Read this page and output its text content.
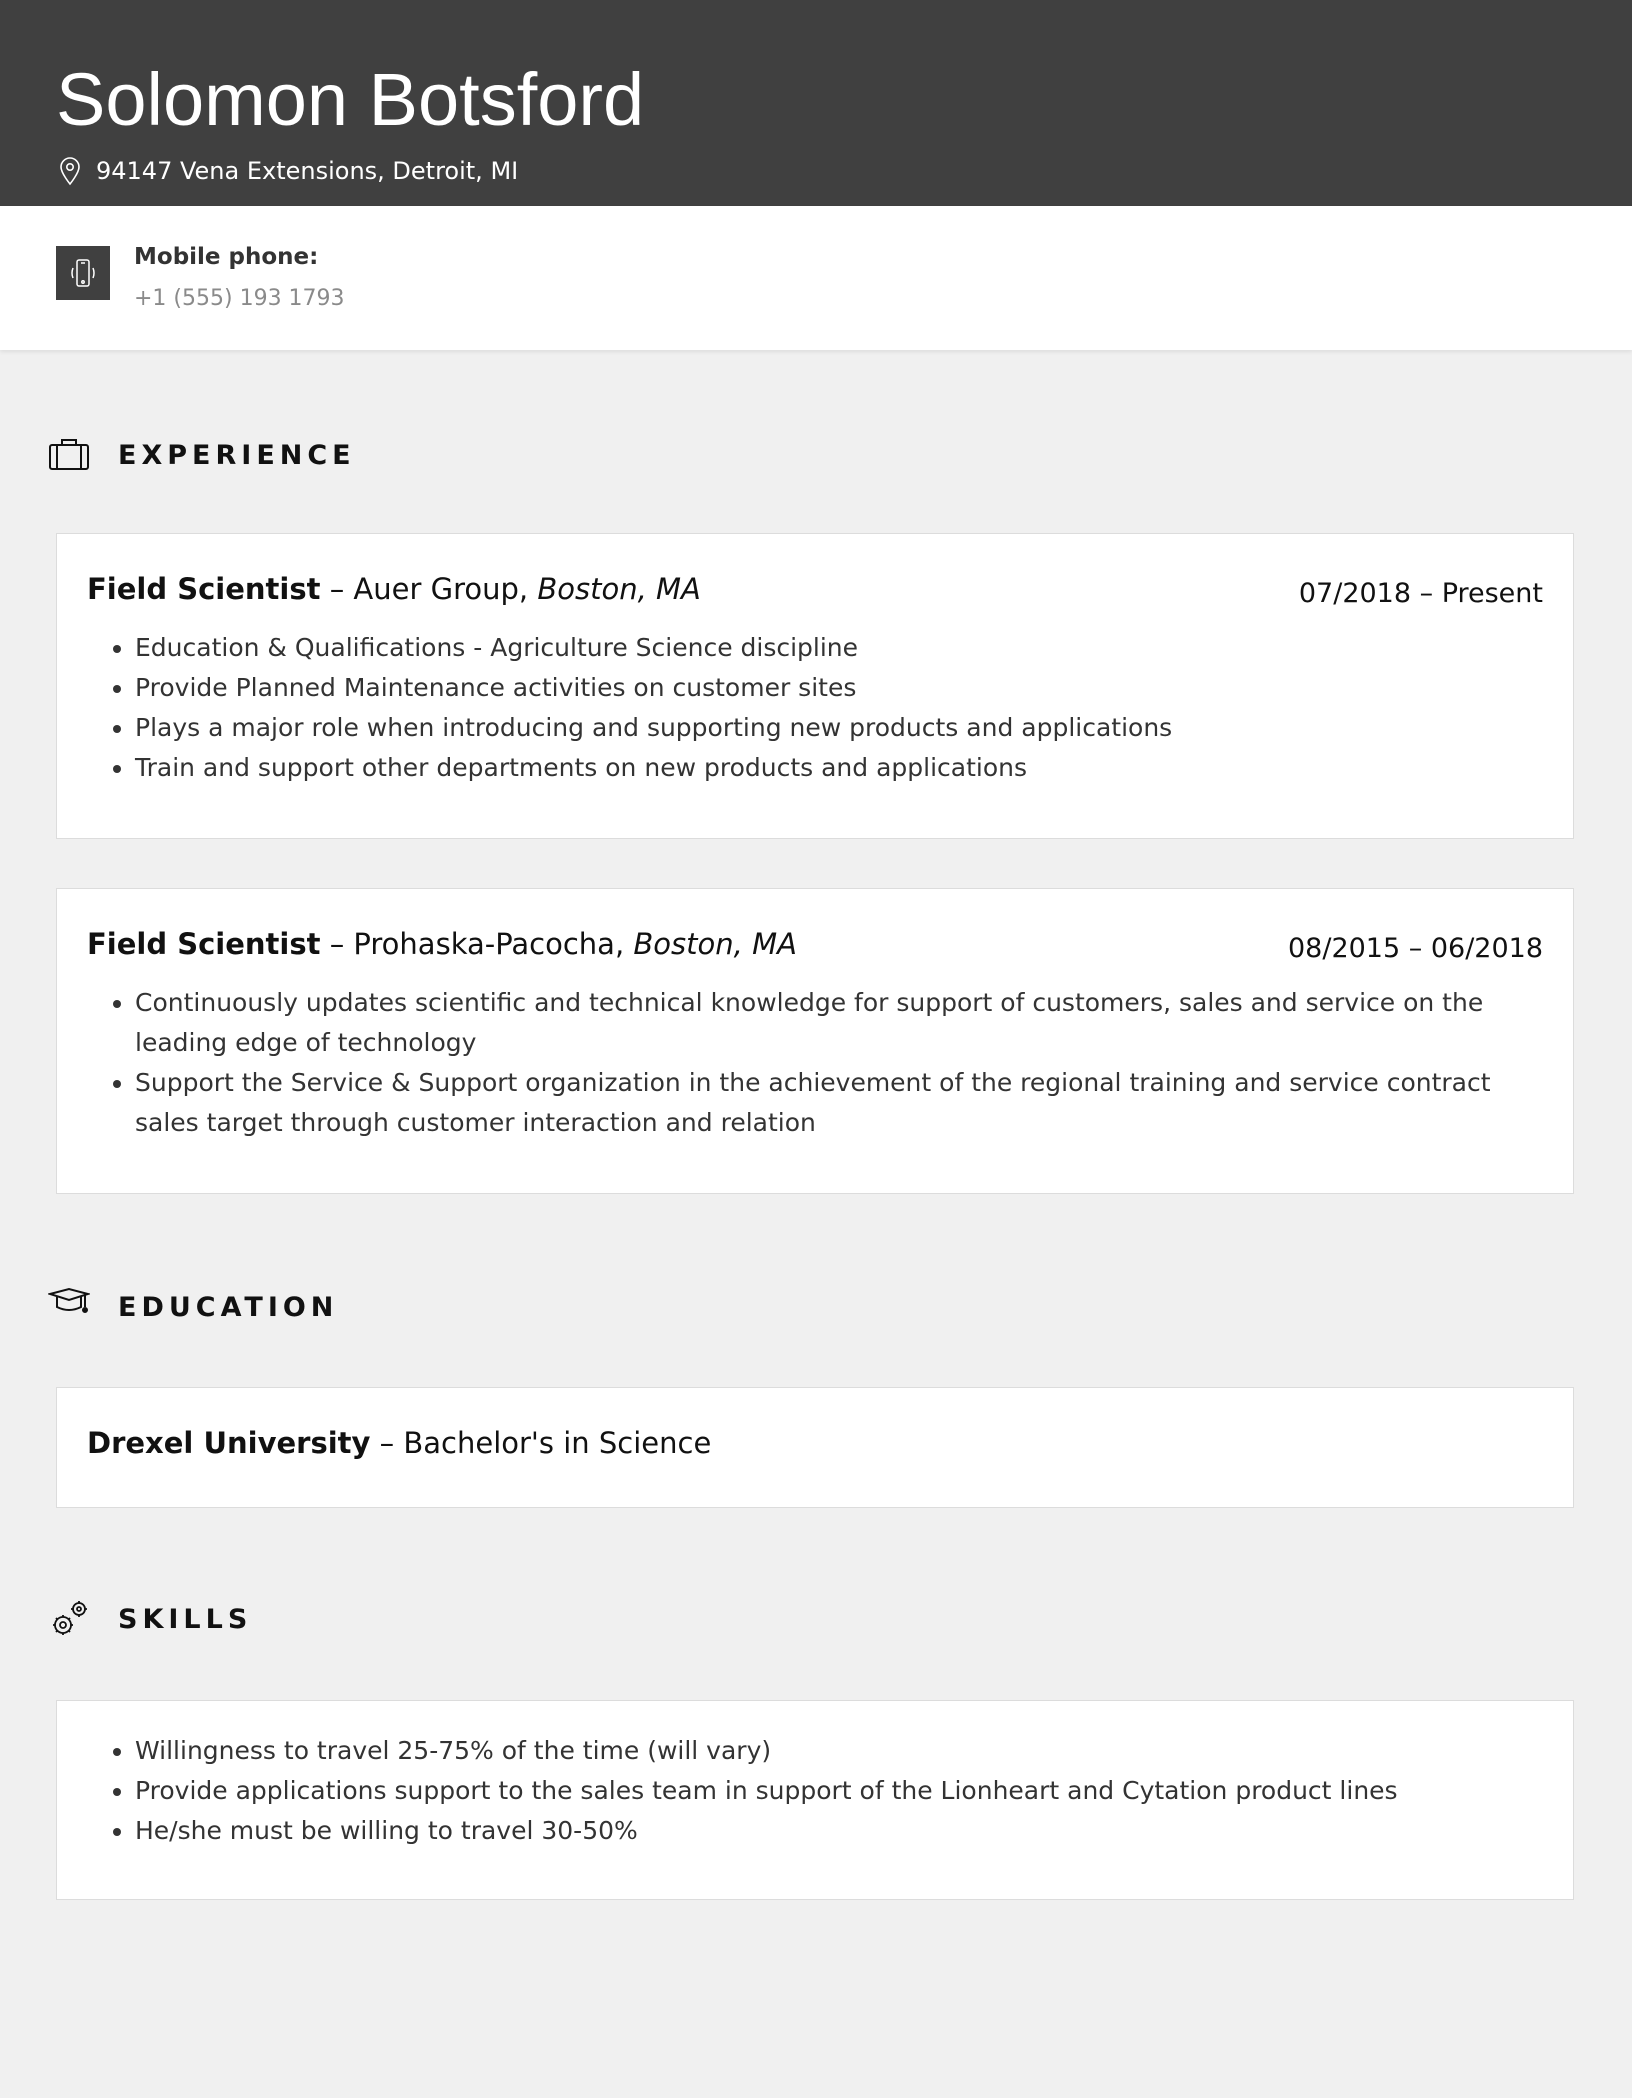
Solomon Botsford
94147 Vena Extensions, Detroit, MI
Mobile phone:
+1 (555) 193 1793
EXPERIENCE
Field Scientist – Auer Group, Boston, MA	07/2018 – Present
• Education & Qualifications - Agriculture Science discipline
• Provide Planned Maintenance activities on customer sites
• Plays a major role when introducing and supporting new products and applications
• Train and support other departments on new products and applications
Field Scientist – Prohaska-Pacocha, Boston, MA	08/2015 – 06/2018
• Continuously updates scientific and technical knowledge for support of customers, sales and service on the leading edge of technology
• Support the Service & Support organization in the achievement of the regional training and service contract sales target through customer interaction and relation
EDUCATION
Drexel University – Bachelor's in Science
SKILLS
• Willingness to travel 25-75% of the time (will vary)
• Provide applications support to the sales team in support of the Lionheart and Cytation product lines
• He/she must be willing to travel 30-50%
